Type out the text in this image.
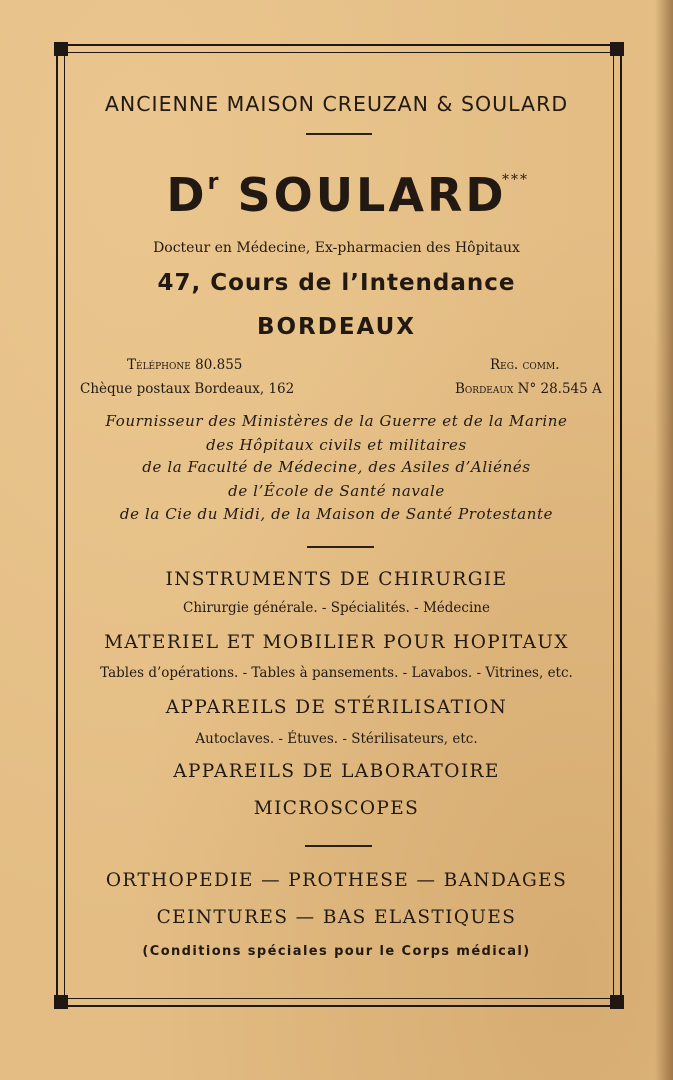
ANCIENNE MAISON CREUZAN & SOULARD
$D^r$ SOULARD
***
Docteur en Médecine, Ex-pharmacien des Hôpitaux
47, Cours de l’Intendance
BORDEAUX
Téléphone 80.855
Chèque postaux Bordeaux, 162
Reg. comm.
Bordeaux N° 28.545 A
Fournisseur des Ministères de la Guerre et de la Marine
des Hôpitaux civils et militaires
de la Faculté de Médecine, des Asiles d’Aliénés
de l’École de Santé navale
de la Cie du Midi, de la Maison de Santé Protestante
INSTRUMENTS DE CHIRURGIE
Chirurgie générale. - Spécialités. - Médecine
MATERIEL ET MOBILIER POUR HOPITAUX
Tables d’opérations. - Tables à pansements. - Lavabos. - Vitrines, etc.
APPAREILS DE STÉRILISATION
Autoclaves. - Étuves. - Stérilisateurs, etc.
APPAREILS DE LABORATOIRE
MICROSCOPES
ORTHOPEDIE — PROTHESE — BANDAGES
CEINTURES — BAS ELASTIQUES
(Conditions spéciales pour le Corps médical)
